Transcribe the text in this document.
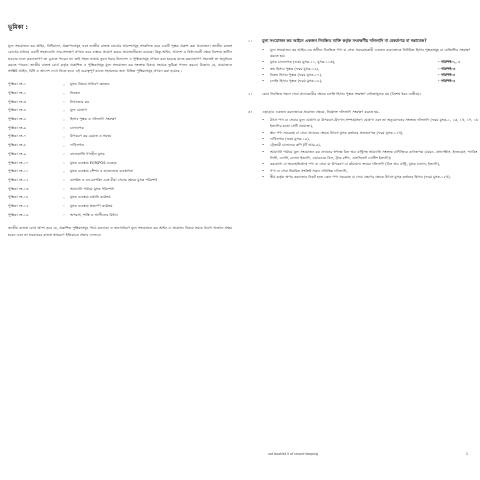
ভূমিকা :
মূল্য সংযোজন কর আইন, বিধিমালা, প্রজ্ঞাপনসমূহ এবং জাতীয় রাজস্ব বোর্ডের আদেশসমূহ সংকলিত করে একটি পুস্তক প্রকাশ করা প্রয়োজন। জাতীয় রাজস্ব বোর্ডের মাধ্যমে একটি সহজবোধ্য সার-সংক্ষেপ প্রণয়ন করে বাস্তবে প্রয়োগ করার প্রয়োজনীয়তা রয়েছে। কিন্তু আইন, আদেশ ও বিধানাবলী ক্ষেত্র বিশেষে জটিল হওয়ার ফলে করদাতাগণ তা বুঝতে পারেন না। তাই সহজ ভাষায় তুলে ধরার উদ্দেশ্যে এ পুস্তিকাসমূহ প্রণয়ন করা হয়েছে যাতে করদাতাগণ সহজেই তা অনুধাবন করতে পারেন। জাতীয় রাজস্ব বোর্ড কর্তৃক প্রকাশিত এ পুস্তিকাসমূহ মূল্য সংযোজন কর সংক্রান্ত বিষয়ে সহায়ক ভূমিকা পালন করবে। উল্লেখ্য যে, প্রয়োজনে সংশ্লিষ্ট আইন, বিধি ও আদেশ দেখে নিতে হবে। এই গুরুত্বপূর্ণ কাজে সহায়তার জন্য বিভিন্ন পুস্তিকাসমূহ প্রণয়ন করা হয়েছে :
পুস্তিকা নং-১	:	মূসক বিষয়ে সাধারণ জ্ঞাতব্য
পুস্তিকা নং-২	:	নিবন্ধন
পুস্তিকা নং-৩	:	টার্নওভার কর
পুস্তিকা নং-৪	:	মূল্য ঘোষণা
পুস্তিকা নং-৫	:	হিসাব পুস্তক ও দলিলাদি সংরক্ষণ
পুস্তিকা নং-৬	:	চালানপত্র
পুস্তিকা নং-৭	:	উপকরণ কর রেয়াত ও সমন্বয়
পুস্তিকা নং-৮	:	দাখিলপত্র
পুস্তিকা নং-৯	:	বাজেয়াপ্তি গণ্যহীন মূসক
পুস্তিকা নং-১০	:	মূসক ব্যবস্থায় ECR/POS ব্যবহার
পুস্তিকা নং-১১	:	মূসক ব্যবস্থায় স্টেশন ও হাতেনাতে ব্যবস্থাপনা
পুস্তিকা নং-১২	:	ব্যাংকিং ও নন-ব্যাংকিং এবং বীমা সেবার ক্ষেত্রে মূসক পরিশোধ
পুস্তিকা নং-১৩	:	আমদানি পর্যায়ে মূসক পরিশোধ
পুস্তিকা নং-১৪	:	মূসক ব্যবস্থায় রপ্তানি কার্যক্রম
পুস্তিকা নং-১৫	:	মূসক ব্যবস্থায় প্রত্যর্পণ কার্যক্রম
পুস্তিকা নং-১৬	:	অপরাধ, শাস্তি ও আপীলের বিধান
জাতীয় রাজস্ব বোর্ড আশা করে যে, প্রকাশিত পুস্তিকাসমূহ পাঠে করদাতা ও জনসাধারণ মূল্য সংযোজন কর আইন ও প্রযোজ্য বিষয়ে সম্যক ধারণা অর্জনে সক্ষম হবেন এবং তা সরকারের রাজস্ব আহরণে ইতিবাচক প্রভাব ফেলবে।
১।	মূল্য সংযোজন কর আইনে একজন নিবন্ধিত ব্যক্তি কর্তৃক সংরক্ষণীয় দলিলাদি বা রেকর্ডপত্র বা দস্তাবেজ?
•	মূল্য সংযোজন কর আইন-এর অধীনে নিবন্ধিত পণ্য বা সেবা সরবরাহকারী একজন করদাতাকে নির্ধারিত হিসাব পুস্তকসমূহ বা রেজিস্টার সংরক্ষণ করতে হয়।
•	মূসক চালানপত্র (ফরম মূসক-১১, মূসক-১১ক),	- পরিশিষ্ট-১, ২
•	ক্রয় হিসাব পুস্তক (ফরম মূসক-১৬),	- পরিশিষ্ট-৩
•	বিক্রয় হিসাব পুস্তক (ফরম মূসক-১৭),	- পরিশিষ্ট-৪
•	চলতি হিসাব পুস্তক (ফরম মূসক-১৮),	- পরিশিষ্ট-৫
২।	কোন নিবন্ধিত সকল সেবা প্রদানকারীর ক্ষেত্রে চলতি হিসাব পুস্তক সংরক্ষণ বাধ্যতামূলক নয় (বিশেষ ধরন ব্যতীত)।
৩।	এছাড়াও একজন করদাতাকে প্রযোজ্য ক্ষেত্রে, নিম্নোক্ত দলিলাদি সংরক্ষণ করতে হয়-
•	উৎস পণ্য বা সেবার মূল্য ঘোষণা বা উপকরণ-উৎপাদ সম্পর্ক/সহগ ঘোষণা এবং তা অনুমোদনের সংক্রান্ত দলিলাদি (ফরম মূসক-১, ১ক, ১খ, ১গ, ১ঘ ইত্যাদির মতো সেটি প্রযোজ্য),
•	স্থান পণ্য সরবরাহ বা সেবা প্রদানের ক্ষেত্রে উৎসে মূসক কর্তনের প্রত্যয়নপত্র (ফরম মূসক-১২খ),
•	দাখিলপত্র (ফরম মূসক-১৯),
•	ট্রেজারী চালানের কপি (টি আর-৬),
•	আমদানি পর্যায়ে মূল্য সংযোজন কর প্রদানের স্বপক্ষে বিল অব এন্ট্রিসহ আমদানি সংক্রান্ত বাণিজ্যিক কাগজপত্র (যেমন- প্রসপেক্টাস, ইনভয়েস, প্যাকিং লিস্ট, এলসি, চালান ইত্যাদি, এয়ারওয়ে বিল, ট্রাক রশিদ, এলসিভেট নোটিশ ইত্যাদি)।
•	করযোগ্য বা অব্যাহতিপ্রাপ্ত পণ্য বা সেবা বা উপকরণ বা কাঁচামাল ক্রয়ের দলিলাদি (বিল অব এন্ট্রি, মূসক চালান, ইত্যাদি),
•	পণ্য বা সেবা নিয়মিত সংক্রিষ্ট সকল দাবিত্তিক দলিলাদি,
•	স্বীয় কর্তৃক অপর করদাতার নিকট হতে কোন পণ্য সরবরাহ বা সেবা গ্রহণের ক্ষেত্রে উৎসে মূসক কর্তনের হিসাব (ফরম মূসক-১৮খ),
vat booklet-5 of record keeping	2
